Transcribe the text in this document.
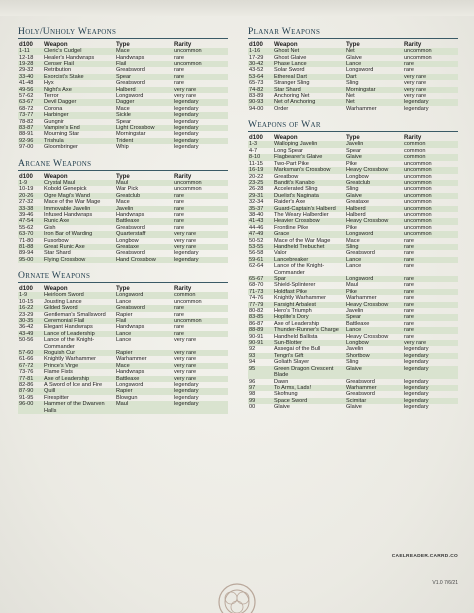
Holy/Unholy Weapons
d100	Weapon	Type	Rarity
1-11	Cleric's Cudgel	Mace	uncommon
12-18	Healer's Handwraps	Handwraps	rare
19-28	Censer Flail	Flail	uncommon
29-32	Retribution	Greatsword	rare
33-40	Exorcist's Stake	Spear	rare
41-48	Hyx	Greatsword	rare
49-56	Night's Axe	Halberd	very rare
57-62	Terror	Longsword	very rare
63-67	Devil Dagger	Dagger	legendary
68-72	Corona	Mace	legendary
73-77	Harbinger	Sickle	legendary
78-82	Gungnir	Spear	legendary
83-87	Vampire's End	Light Crossbow	legendary
88-91	Mourning Star	Morningstar	legendary
92-96	Trishula	Trident	legendary
97-00	Gloombringer	Whip	legendary
Arcane Weapons
d100	Weapon	Type	Rarity
1-9	Crystal Maul	Maul	uncommon
10-19	Kobold Genepick	War Pick	uncommon
20-26	Ogre Magi's Wand	Greatclub	rare
27-32	Mace of the War Mage	Mace	rare
33-38	Immovable Javelin	Javelin	rare
39-46	Infused Handwraps	Handwraps	rare
47-54	Runic Axe	Battleaxe	rare
55-62	Gish	Greatsword	rare
63-70	Iron Bar of Warding	Quarterstaff	very rare
71-80	Fusorbow	Longbow	very rare
81-88	Great Runic Axe	Greataxe	very rare
89-94	Star Shard	Greatsword	legendary
95-00	Flying Crossbow	Hand Crossbow	legendary
Ornate Weapons
d100	Weapon	Type	Rarity
1-9	Heirloom Sword	Longsword	common
10-15	Jousting Lance	Lance	uncommon
16-22	Gilded Sword	Greatsword	rare
23-29	Gentleman's Smallsword	Rapier	rare
30-35	Ceremonial Flail	Flail	uncommon
36-42	Elegant Handwraps	Handwraps	rare
43-49	Lance of Leadership	Lance	rare
50-56	Lance of the Knight-Commander	Lance	very rare
57-60	Roguish Cur	Rapier	very rare
61-66	Knightly Warhammer	Warhammer	very rare
67-72	Prince's Virge	Mace	very rare
73-76	Flame Fists	Handwraps	very rare
77-81	Axe of Leadership	Battleaxe	very rare
82-86	A Sword of Ice and Fire	Longsword	legendary
87-90	Quill	Rapier	legendary
91-95	Firespitter	Blowgun	legendary
96-00	Hammer of the Dwarven Halls	Maul	legendary
Planar Weapons
d100	Weapon	Type	Rarity
1-16	Ghost Net	Net	uncommon
17-29	Ghost Glaive	Glaive	uncommon
30-42	Phase Lance	Lance	rare
43-52	Solar Sword	Longsword	rare
53-64	Ethereal Dart	Dart	very rare
65-73	Stranger Sling	Sling	very rare
74-82	Star Shard	Morningstar	very rare
83-89	Anchoring Net	Net	very rare
90-93	Net of Anchoring	Net	legendary
94-00	Order	Warhammer	legendary
Weapons of War
d100	Weapon	Type	Rarity
1-3	Walloping Javelin	Javelin	common
4-7	Long Spear	Spear	common
8-10	Flagbearer's Glaive	Glaive	common
11-15	Two-Part Pike	Pike	uncommon
16-19	Marksman's Crossbow	Heavy Crossbow	uncommon
20-22	Greatbow	Longbow	uncommon
23-25	Bandit's Kanabo	Greatclub	uncommon
26-28	Accelerated Sling	Sling	uncommon
29-31	Duelist's Naginata	Glaive	uncommon
32-34	Raider's Axe	Greataxe	uncommon
35-37	Guard-Captain's Halberd	Halberd	uncommon
38-40	The Weary Halberdier	Halberd	uncommon
41-43	Heavier Crossbow	Heavy Crossbow	uncommon
44-46	Frontline Pike	Pike	uncommon
47-49	Grace	Longsword	uncommon
50-52	Mace of the War Mage	Mace	rare
53-55	Handheld Trebuchet	Sling	rare
56-58	Valor	Greatsword	rare
59-61	Lancebreaker	Lance	rare
62-64	Lance of the Knight-Commander	Lance	rare
65-67	Spar	Longsword	rare
68-70	Shield-Splinterer	Maul	rare
71-73	Holdfast Pike	Pike	rare
74-76	Knightly Warhammer	Warhammer	rare
77-79	Farsight Arbalest	Heavy Crossbow	rare
80-82	Hero's Triumph	Javelin	rare
83-85	Hoplite's Dory	Spear	rare
86-87	Axe of Leadership	Battleaxe	rare
88-89	Thunder-Runner's Charge	Lance	rare
90-91	Handheld Ballista	Heavy Crossbow	rare
90-91	Sun-Blotter	Longbow	very rare
92	Assegai of the Bull	Javelin	legendary
93	Tengri's Gift	Shortbow	legendary
94	Goliath Slayer	Sling	legendary
95	Green Dragon Crescent Blade	Glaive	legendary
96	Dawn	Greatsword	legendary
97	To Arms, Lads!	Warhammer	legendary
98	Skofnung	Greatsword	legendary
99	Space Sword	Scimitar	legendary
00	Glaive	Glaive	legendary
CAELREADER.CARRD.CO
V1.0 7/6/21
